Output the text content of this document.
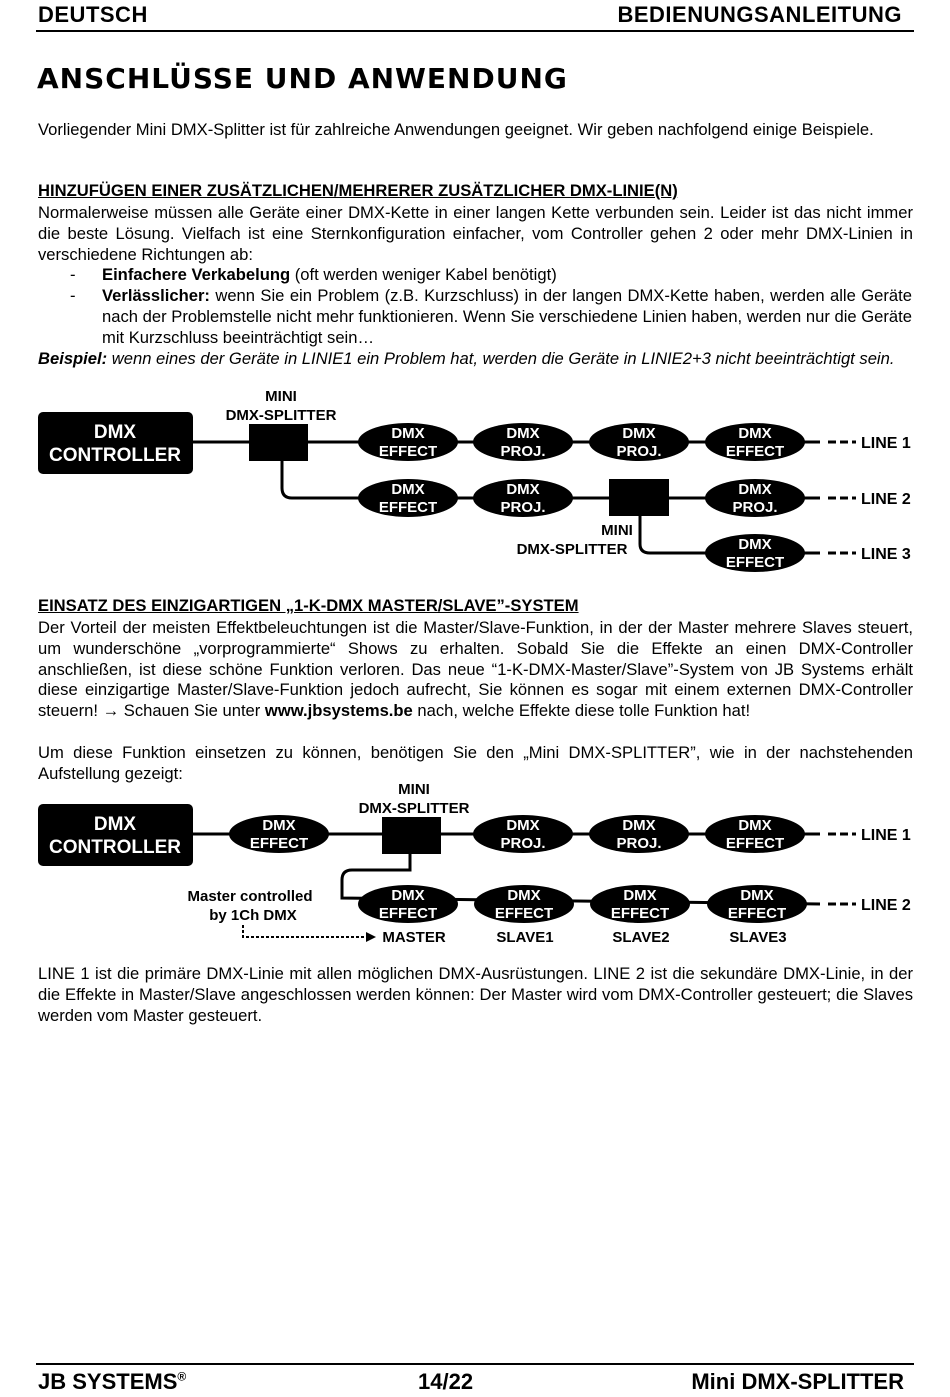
DEUTSCH	BEDIENUNGSANLEITUNG
ANSCHLÜSSE UND ANWENDUNG
Vorliegender Mini DMX-Splitter ist für zahlreiche Anwendungen geeignet. Wir geben nachfolgend einige Beispiele.
HINZUFÜGEN EINER ZUSÄTZLICHEN/MEHRERER ZUSÄTZLICHER DMX-LINIE(N)
Normalerweise müssen alle Geräte einer DMX-Kette in einer langen Kette verbunden sein. Leider ist das nicht immer die beste Lösung. Vielfach ist eine Sternkonfiguration einfacher, vom Controller gehen 2 oder mehr DMX-Linien in verschiedene Richtungen ab:
- Einfachere Verkabelung (oft werden weniger Kabel benötigt)
- Verlässlicher: wenn Sie ein Problem (z.B. Kurzschluss) in der langen DMX-Kette haben, werden alle Geräte nach der Problemstelle nicht mehr funktionieren. Wenn Sie verschiedene Linien haben, werden nur die Geräte mit Kurzschluss beeinträchtigt sein…
Beispiel: wenn eines der Geräte in LINIE1 ein Problem hat, werden die Geräte in LINIE2+3 nicht beeinträchtigt sein.
DMX
CONTROLLER
MINI
DMX-SPLITTER
DMX
EFFECT
DMX
PROJ.
DMX
PROJ.
DMX
EFFECT
DMX
EFFECT
DMX
PROJ.
DMX
PROJ.
MINI
DMX-SPLITTER	DMX
EFFECT
LINE 1
LINE 2
LINE 3
EINSATZ DES EINZIGARTIGEN „1-K-DMX MASTER/SLAVE”-SYSTEM
Der Vorteil der meisten Effektbeleuchtungen ist die Master/Slave-Funktion, in der der Master mehrere Slaves steuert, um wunderschöne „vorprogrammierte“ Shows zu erhalten. Sobald Sie die Effekte an einen DMX-Controller anschließen, ist diese schöne Funktion verloren. Das neue “1-K-DMX-Master/Slave”-System von JB Systems erhält diese einzigartige Master/Slave-Funktion jedoch aufrecht, Sie können es sogar mit einem externen DMX-Controller steuern! → Schauen Sie unter www.jbsystems.be nach, welche Effekte diese tolle Funktion hat!
Um diese Funktion einsetzen zu können, benötigen Sie den „Mini DMX-SPLITTER”, wie in der nachstehenden Aufstellung gezeigt:
DMX
CONTROLLER
MINI
DMX-SPLITTER
DMX
EFFECT
DMX
PROJ.
DMX
PROJ.
DMX
EFFECT
DMX
EFFECT
DMX
EFFECT
DMX
EFFECT
DMX
EFFECT
Master controlled
by 1Ch DMX
MASTER	SLAVE1	SLAVE2	SLAVE3
LINE 1
LINE 2
LINE 1 ist die primäre DMX-Linie mit allen möglichen DMX-Ausrüstungen. LINE 2 ist die sekundäre DMX-Linie, in der die Effekte in Master/Slave angeschlossen werden können: Der Master wird vom DMX-Controller gesteuert; die Slaves werden vom Master gesteuert.
JB SYSTEMS®	14/22	Mini DMX-SPLITTER
